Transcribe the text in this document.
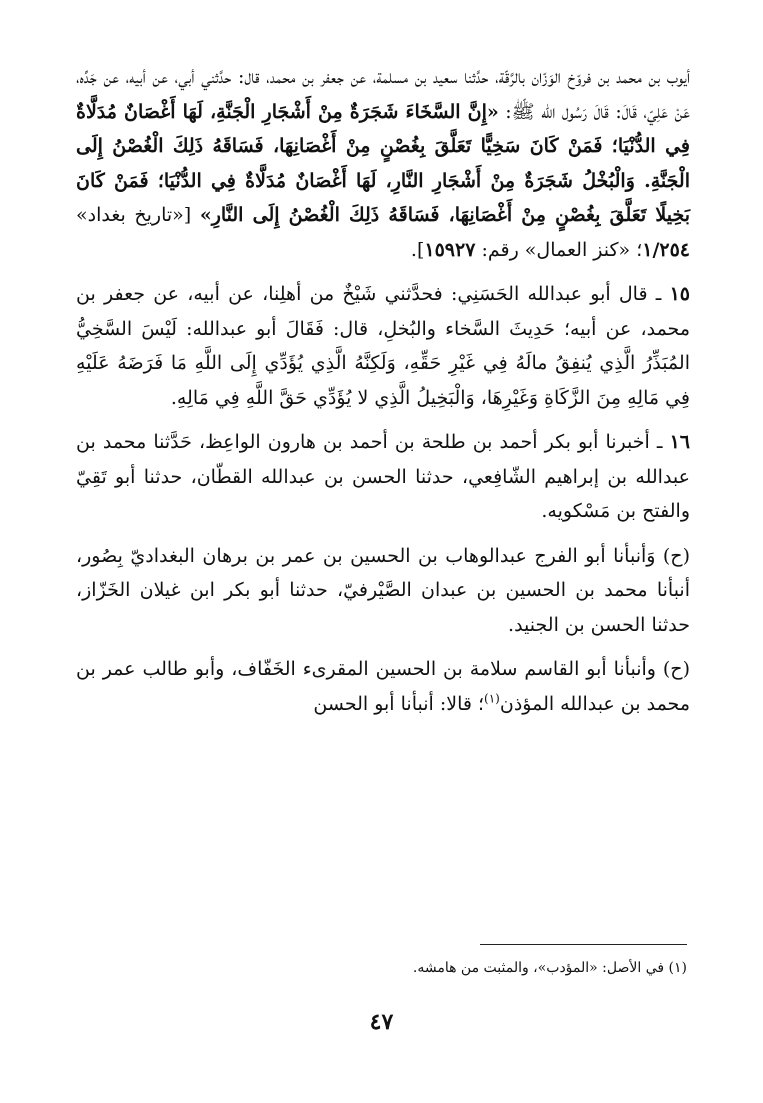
أيوب بن محمد بن فروّخ الوَزّان بالرَّقّة، حدَّثنا سعيد بن مسلمة، عن جعفر بن محمد، قال: حدَّثني أبي، عن أبيه، عن جَدِّه، عَنْ عَلِيّ، قَالَ: قَالَ رَسُول الله ﷺ: «إِنَّ السَّخَاءَ شَجَرَةٌ مِنْ أَشْجَارِ الْجَنَّةِ، لَهَا أَغْصَانٌ مُدَلَّاةٌ فِي الدُّنْيَا؛ فَمَنْ كَانَ سَخِيًّا تَعَلَّقَ بِغُصْنٍ مِنْ أَغْصَانِهَا، فَسَاقَهُ ذَلِكَ الْغُصْنُ إِلَى الْجَنَّةِ. وَالْبُخْلُ شَجَرَةٌ مِنْ أَشْجَارِ النَّارِ، لَهَا أَغْصَانٌ مُدَلَّاةٌ فِي الدُّنْيَا؛ فَمَنْ كَانَ بَخِيلًا تَعَلَّقَ بِغُصْنٍ مِنْ أَغْصَانِهَا، فَسَاقَهُ ذَلِكَ الْغُصْنُ إِلَى النَّارِ» [«تاريخ بغداد» ١/٢٥٤؛ «كنز العمال» رقم: ١٥٩٢٧].

١٥ ـ قال أبو عبدالله الحَسَنِي: فحدَّثني شَيْخٌ من أهلِنا، عن أبيه، عن جعفر بن محمد، عن أبيه؛ حَدِيثَ السَّخاء والبُخلِ، قال: فَقَالَ أبو عبدالله: لَيْسَ السَّخِيُّ المُبَذِّرُ الَّذِي يُنفِقُ مالَهُ فِي غَيْرِ حَقِّهِ، وَلَكِنَّهُ الَّذِي يُؤَدِّي إِلَى اللَّهِ مَا فَرَضَهُ عَلَيْهِ فِي مَالِهِ مِنَ الزَّكَاةِ وَغَيْرِهَا، وَالْبَخِيلُ الَّذِي لا يُؤَدِّي حَقَّ اللَّهِ فِي مَالِهِ.

١٦ ـ أخبرنا أبو بكر أحمد بن طلحة بن أحمد بن هارون الواعِظ، حَدَّثنا محمد بن عبدالله بن إبراهيم الشّافِعي، حدثنا الحسن بن عبدالله القطّان، حدثنا أبو تَقِيّ والفتح بن مَسْكويه.

(ح) وَأنبأنا أبو الفرج عبدالوهاب بن الحسين بن عمر بن برهان البغداديّ بِصُور، أنبأنا محمد بن الحسين بن عبدان الصَّيْرفيّ، حدثنا أبو بكر ابن غيلان الخَزّاز، حدثنا الحسن بن الجنيد.

(ح) وأنبأنا أبو القاسم سلامة بن الحسين المقرىء الخَفّاف، وأبو طالب عمر بن محمد بن عبدالله المؤذن$^{(١)}$؛ قالا: أنبأنا أبو الحسن

(١) في الأصل: «المؤدب»، والمثبت من هامشه.
٤٧
